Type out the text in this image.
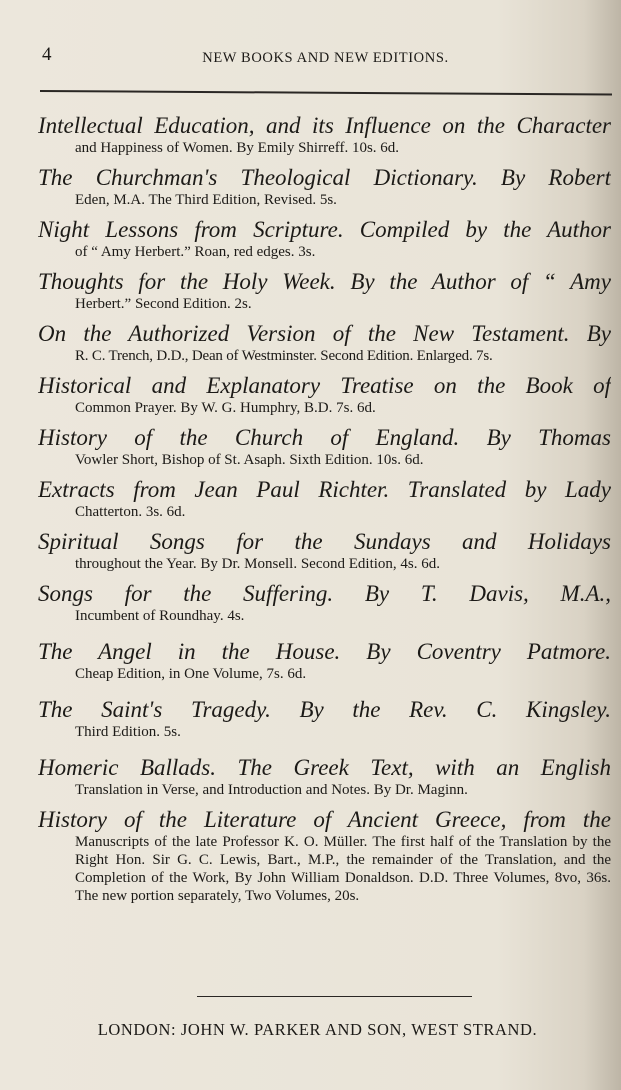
4	NEW BOOKS AND NEW EDITIONS.
Intellectual Education, and its Influence on the Character
and Happiness of Women. By Emily Shirreff. 10s. 6d.
The Churchman's Theological Dictionary. By Robert
Eden, M.A. The Third Edition, Revised. 5s.
Night Lessons from Scripture. Compiled by the Author
of “ Amy Herbert.” Roan, red edges. 3s.
Thoughts for the Holy Week. By the Author of “ Amy
Herbert.” Second Edition. 2s.
On the Authorized Version of the New Testament. By
R. C. Trench, D.D., Dean of Westminster. Second Edition. Enlarged. 7s.
Historical and Explanatory Treatise on the Book of
Common Prayer. By W. G. Humphry, B.D. 7s. 6d.
History of the Church of England. By Thomas
Vowler Short, Bishop of St. Asaph. Sixth Edition. 10s. 6d.
Extracts from Jean Paul Richter. Translated by Lady
Chatterton. 3s. 6d.
Spiritual Songs for the Sundays and Holidays
throughout the Year. By Dr. Monsell. Second Edition, 4s. 6d.
Songs for the Suffering. By T. Davis, M.A.,
Incumbent of Roundhay. 4s.
The Angel in the House. By Coventry Patmore.
Cheap Edition, in One Volume, 7s. 6d.
The Saint's Tragedy. By the Rev. C. Kingsley.
Third Edition. 5s.
Homeric Ballads. The Greek Text, with an English
Translation in Verse, and Introduction and Notes. By Dr. Maginn.
History of the Literature of Ancient Greece, from the
Manuscripts of the late Professor K. O. Müller. The first half of the Translation by the Right Hon. Sir G. C. Lewis, Bart., M.P., the remainder of the Translation, and the Completion of the Work, By John William Donaldson. D.D. Three Volumes, 8vo, 36s. The new portion separately, Two Volumes, 20s.
LONDON: JOHN W. PARKER AND SON, WEST STRAND.
